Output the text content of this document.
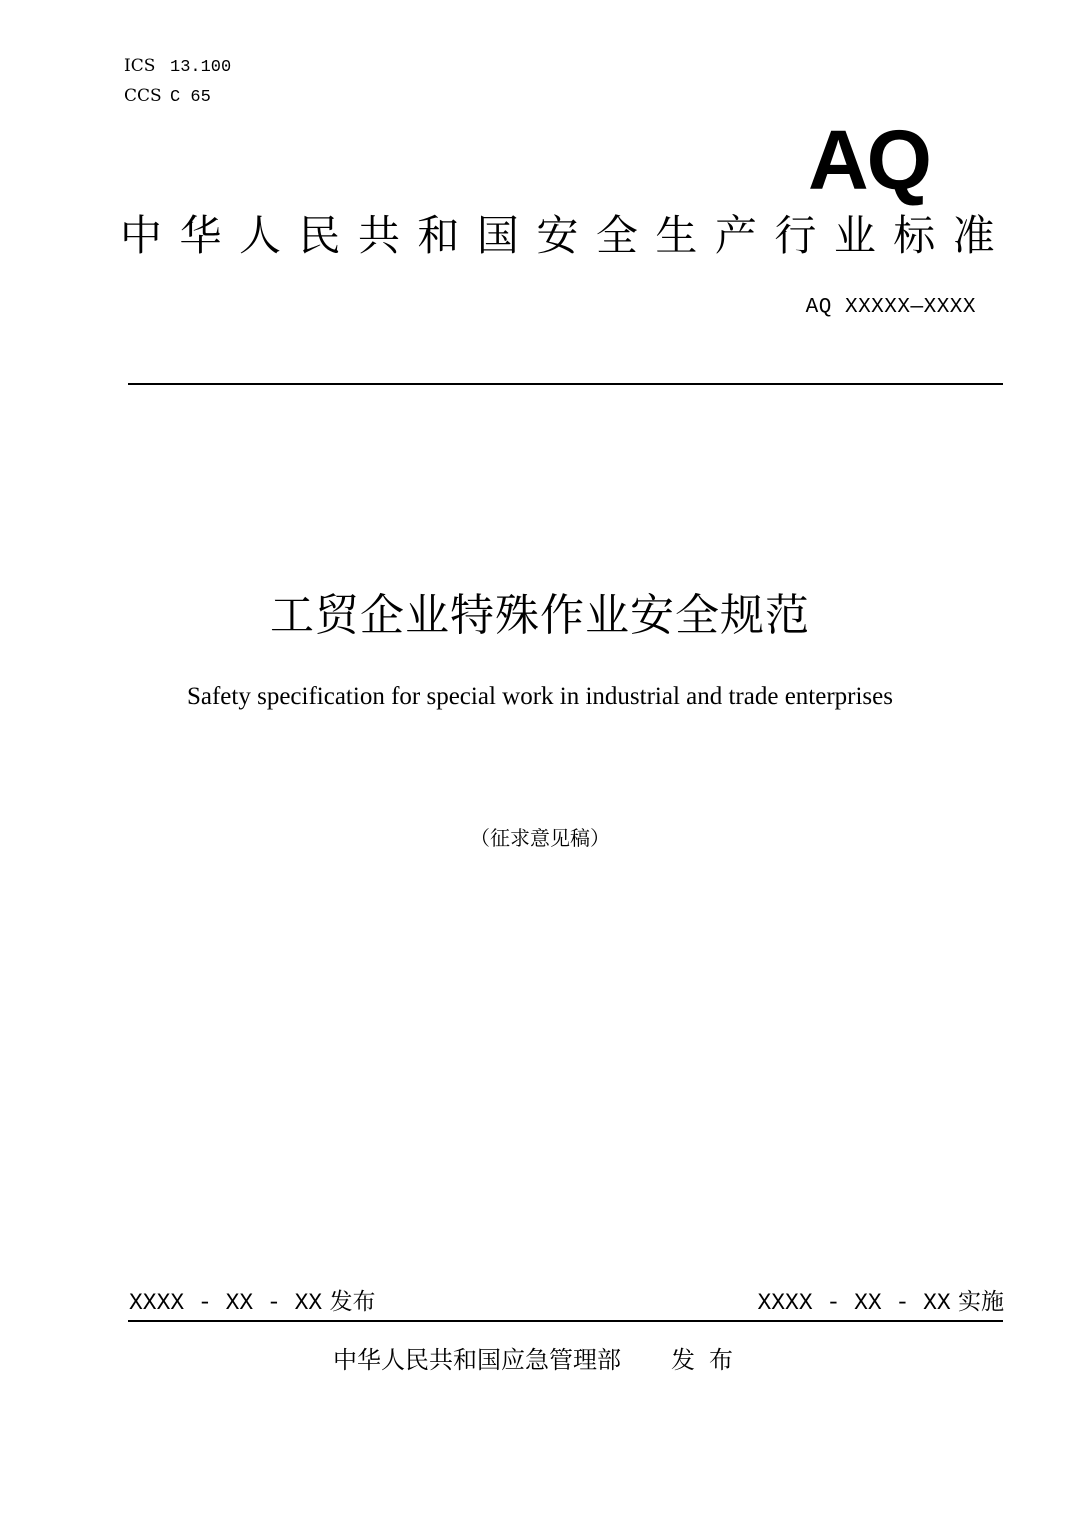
ICS 13.100
CCS C 65
AQ
中 华 人 民 共 和 国 安 全 生 产 行 业 标 准
AQ XXXXX—XXXX
工贸企业特殊作业安全规范
Safety specification for special work in industrial and trade enterprises
（征求意见稿）
XXXX - XX - XX 发布	XXXX - XX - XX 实施
中华人民共和国应急管理部 发布
